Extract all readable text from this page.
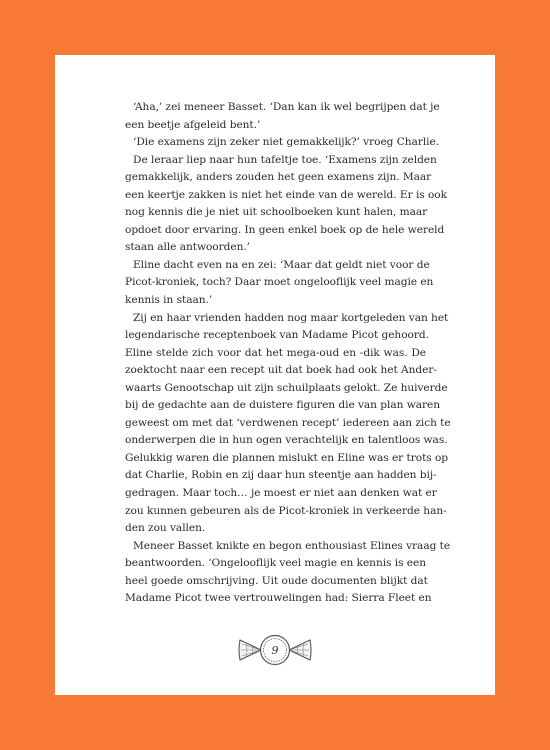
‘Aha,’ zei meneer Basset. ‘Dan kan ik wel begrijpen dat je
een beetje afgeleid bent.’
‘Die examens zijn zeker niet gemakkelijk?’ vroeg Charlie.
De leraar liep naar hun tafeltje toe. ‘Examens zijn zelden
gemakkelijk, anders zouden het geen examens zijn. Maar
een keertje zakken is niet het einde van de wereld. Er is ook
nog kennis die je niet uit schoolboeken kunt halen, maar
opdoet door ervaring. In geen enkel boek op de hele wereld
staan alle antwoorden.’
Eline dacht even na en zei: ‘Maar dat geldt niet voor de
Picot-kroniek, toch? Daar moet ongelooflijk veel magie en
kennis in staan.’
Zij en haar vrienden hadden nog maar kortgeleden van het
legendarische receptenboek van Madame Picot gehoord.
Eline stelde zich voor dat het mega-oud en -dik was. De
zoektocht naar een recept uit dat boek had ook het Ander-
waarts Genootschap uit zijn schuilplaats gelokt. Ze huiverde
bij de gedachte aan de duistere figuren die van plan waren
geweest om met dat ‘verdwenen recept’ iedereen aan zich te
onderwerpen die in hun ogen verachtelijk en talentloos was.
Gelukkig waren die plannen mislukt en Eline was er trots op
dat Charlie, Robin en zij daar hun steentje aan hadden bij-
gedragen. Maar toch… je moest er niet aan denken wat er
zou kunnen gebeuren als de Picot-kroniek in verkeerde han-
den zou vallen.
Meneer Basset knikte en begon enthousiast Elines vraag te
beantwoorden. ‘Ongelooflijk veel magie en kennis is een
heel goede omschrijving. Uit oude documenten blijkt dat
Madame Picot twee vertrouwelingen had: Sierra Fleet en
9
